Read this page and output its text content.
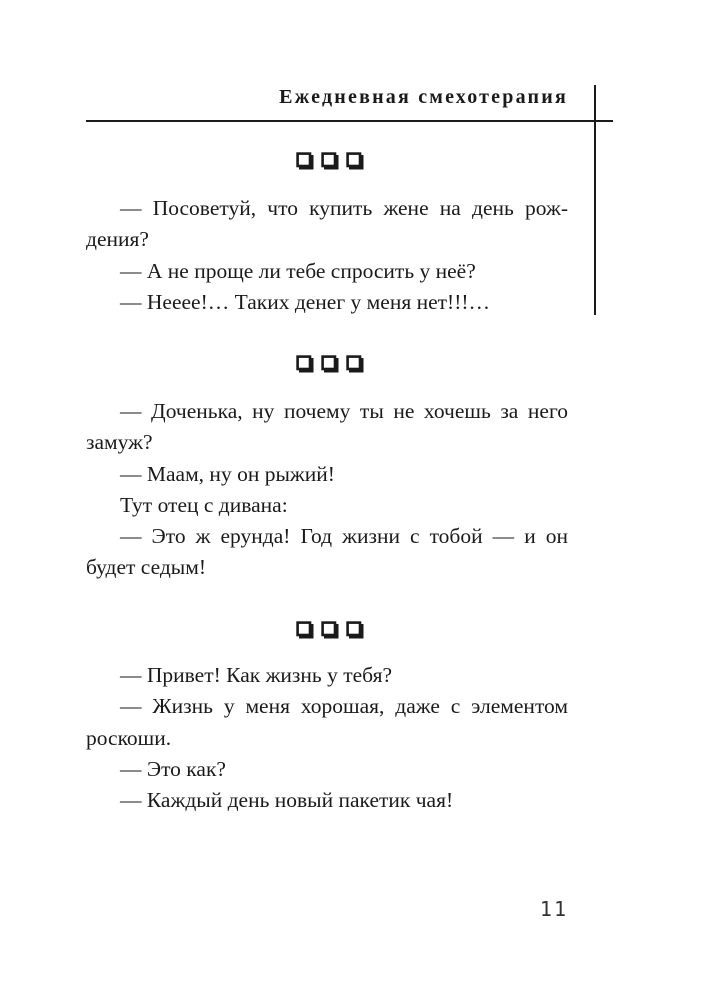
Ежедневная смехотерапия
— Посоветуй, что купить жене на день рож-
дения?
— А не проще ли тебе спросить у неё?
— Нееее!… Таких денег у меня нет!!!…
— Доченька, ну почему ты не хочешь за него
замуж?
— Маам, ну он рыжий!
Тут отец с дивана:
— Это ж ерунда! Год жизни с тобой — и он
будет седым!
— Привет! Как жизнь у тебя?
— Жизнь у меня хорошая, даже с элементом
роскоши.
— Это как?
— Каждый день новый пакетик чая!
11
